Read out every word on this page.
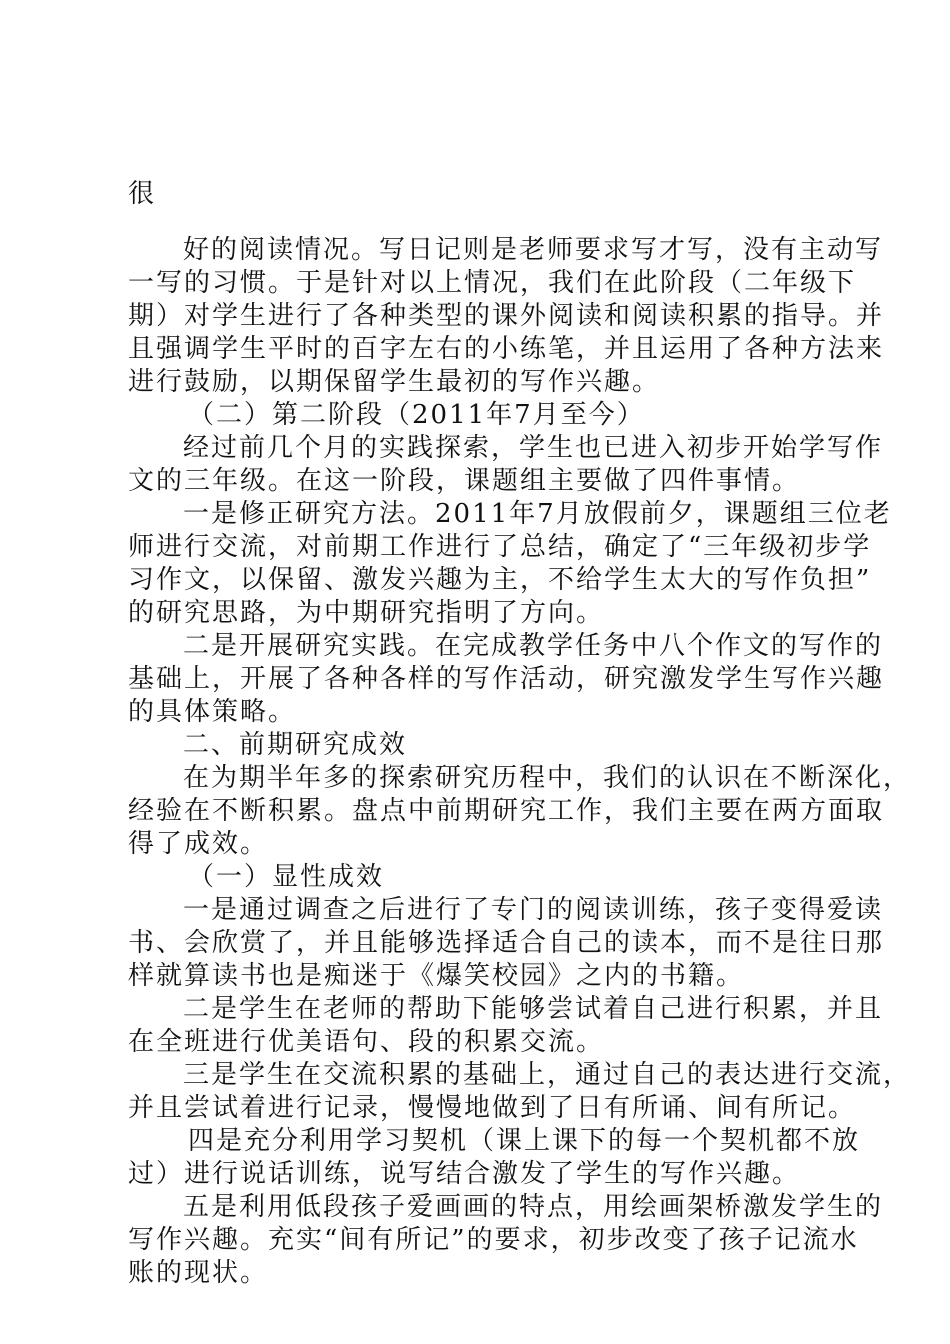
很
好的阅读情况。写日记则是老师要求写才写，没有主动写
一写的习惯。于是针对以上情况，我们在此阶段（二年级下
期）对学生进行了各种类型的课外阅读和阅读积累的指导。并
且强调学生平时的百字左右的小练笔，并且运用了各种方法来
进行鼓励，以期保留学生最初的写作兴趣。
（二）第二阶段（2011年7月至今）
经过前几个月的实践探索，学生也已进入初步开始学写作
文的三年级。在这一阶段，课题组主要做了四件事情。
一是修正研究方法。2011年7月放假前夕，课题组三位老
师进行交流，对前期工作进行了总结，确定了“三年级初步学
习作文，以保留、激发兴趣为主，不给学生太大的写作负担”
的研究思路，为中期研究指明了方向。
二是开展研究实践。在完成教学任务中八个作文的写作的
基础上，开展了各种各样的写作活动，研究激发学生写作兴趣
的具体策略。
二、前期研究成效
在为期半年多的探索研究历程中，我们的认识在不断深化，
经验在不断积累。盘点中前期研究工作，我们主要在两方面取
得了成效。
（一）显性成效
一是通过调查之后进行了专门的阅读训练，孩子变得爱读
书、会欣赏了，并且能够选择适合自己的读本，而不是往日那
样就算读书也是痴迷于《爆笑校园》之内的书籍。
二是学生在老师的帮助下能够尝试着自己进行积累，并且
在全班进行优美语句、段的积累交流。
三是学生在交流积累的基础上，通过自己的表达进行交流，
并且尝试着进行记录，慢慢地做到了日有所诵、间有所记。
四是充分利用学习契机（课上课下的每一个契机都不放
过）进行说话训练，说写结合激发了学生的写作兴趣。
五是利用低段孩子爱画画的特点，用绘画架桥激发学生的
写作兴趣。充实“间有所记”的要求，初步改变了孩子记流水
账的现状。
